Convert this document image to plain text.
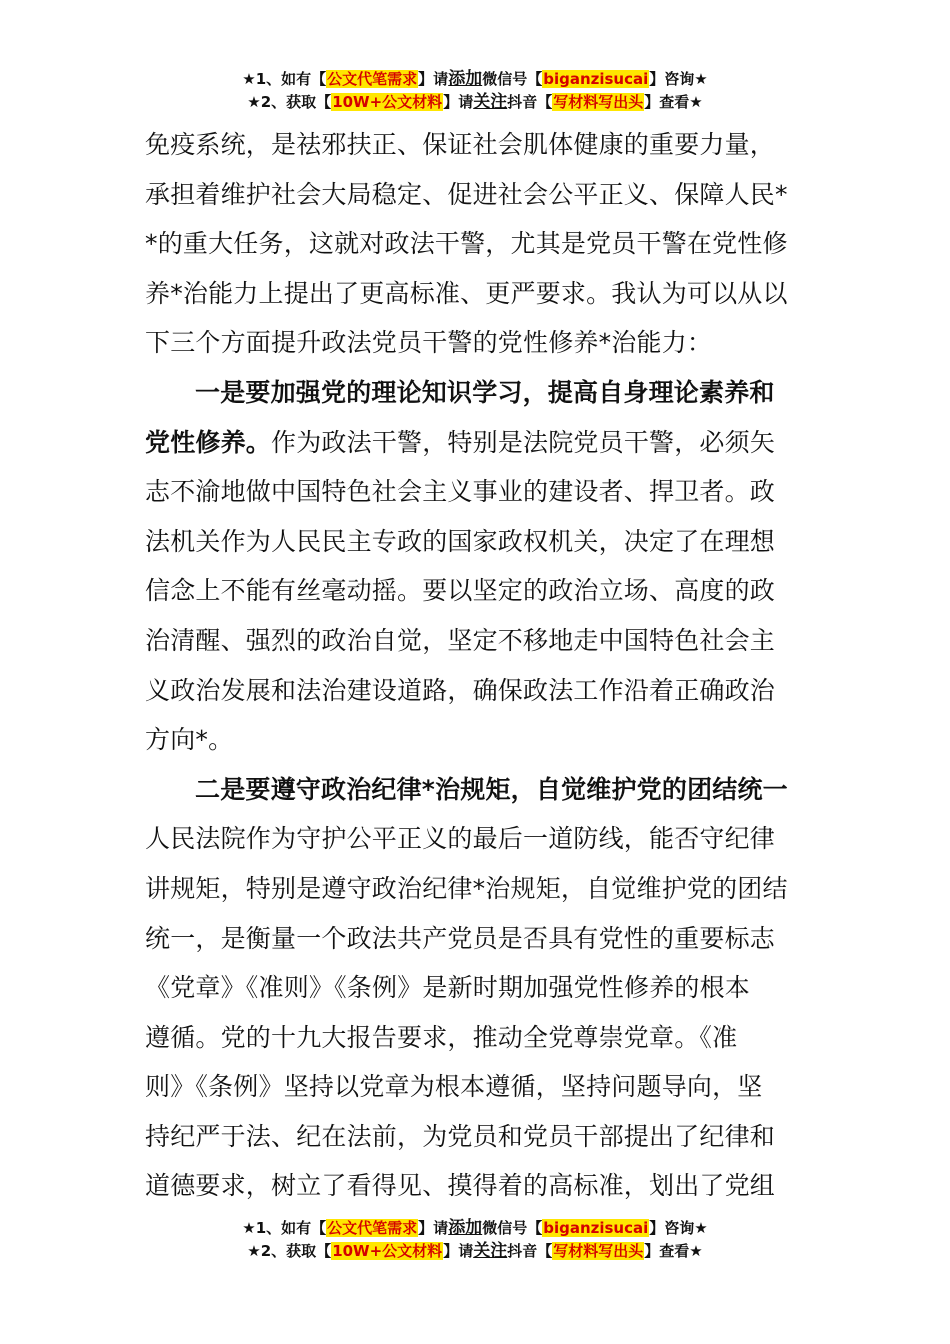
★1、如有【公文代笔需求】请添加微信号【biganzisucai】咨询★
★2、获取【10W+公文材料】请关注抖音【写材料写出头】查看★
免疫系统，是祛邪扶正、保证社会肌体健康的重要力量，
承担着维护社会大局稳定、促进社会公平正义、保障人民*
*的重大任务，这就对政法干警，尤其是党员干警在党性修
养*治能力上提出了更高标准、更严要求。我认为可以从以
下三个方面提升政法党员干警的党性修养*治能力：
一是要加强党的理论知识学习，提高自身理论素养和
党性修养。作为政法干警，特别是法院党员干警，必须矢
志不渝地做中国特色社会主义事业的建设者、捍卫者。政
法机关作为人民民主专政的国家政权机关，决定了在理想
信念上不能有丝毫动摇。要以坚定的政治立场、高度的政
治清醒、强烈的政治自觉，坚定不移地走中国特色社会主
义政治发展和法治建设道路，确保政法工作沿着正确政治
方向*。
二是要遵守政治纪律*治规矩，自觉维护党的团结统一
人民法院作为守护公平正义的最后一道防线，能否守纪律
讲规矩，特别是遵守政治纪律*治规矩，自觉维护党的团结
统一，是衡量一个政法共产党员是否具有党性的重要标志
《党章》《准则》《条例》是新时期加强党性修养的根本
遵循。党的十九大报告要求，推动全党尊崇党章。《准
则》《条例》坚持以党章为根本遵循，坚持问题导向，坚
持纪严于法、纪在法前，为党员和党员干部提出了纪律和
道德要求，树立了看得见、摸得着的高标准，划出了党组
★1、如有【公文代笔需求】请添加微信号【biganzisucai】咨询★
★2、获取【10W+公文材料】请关注抖音【写材料写出头】查看★
